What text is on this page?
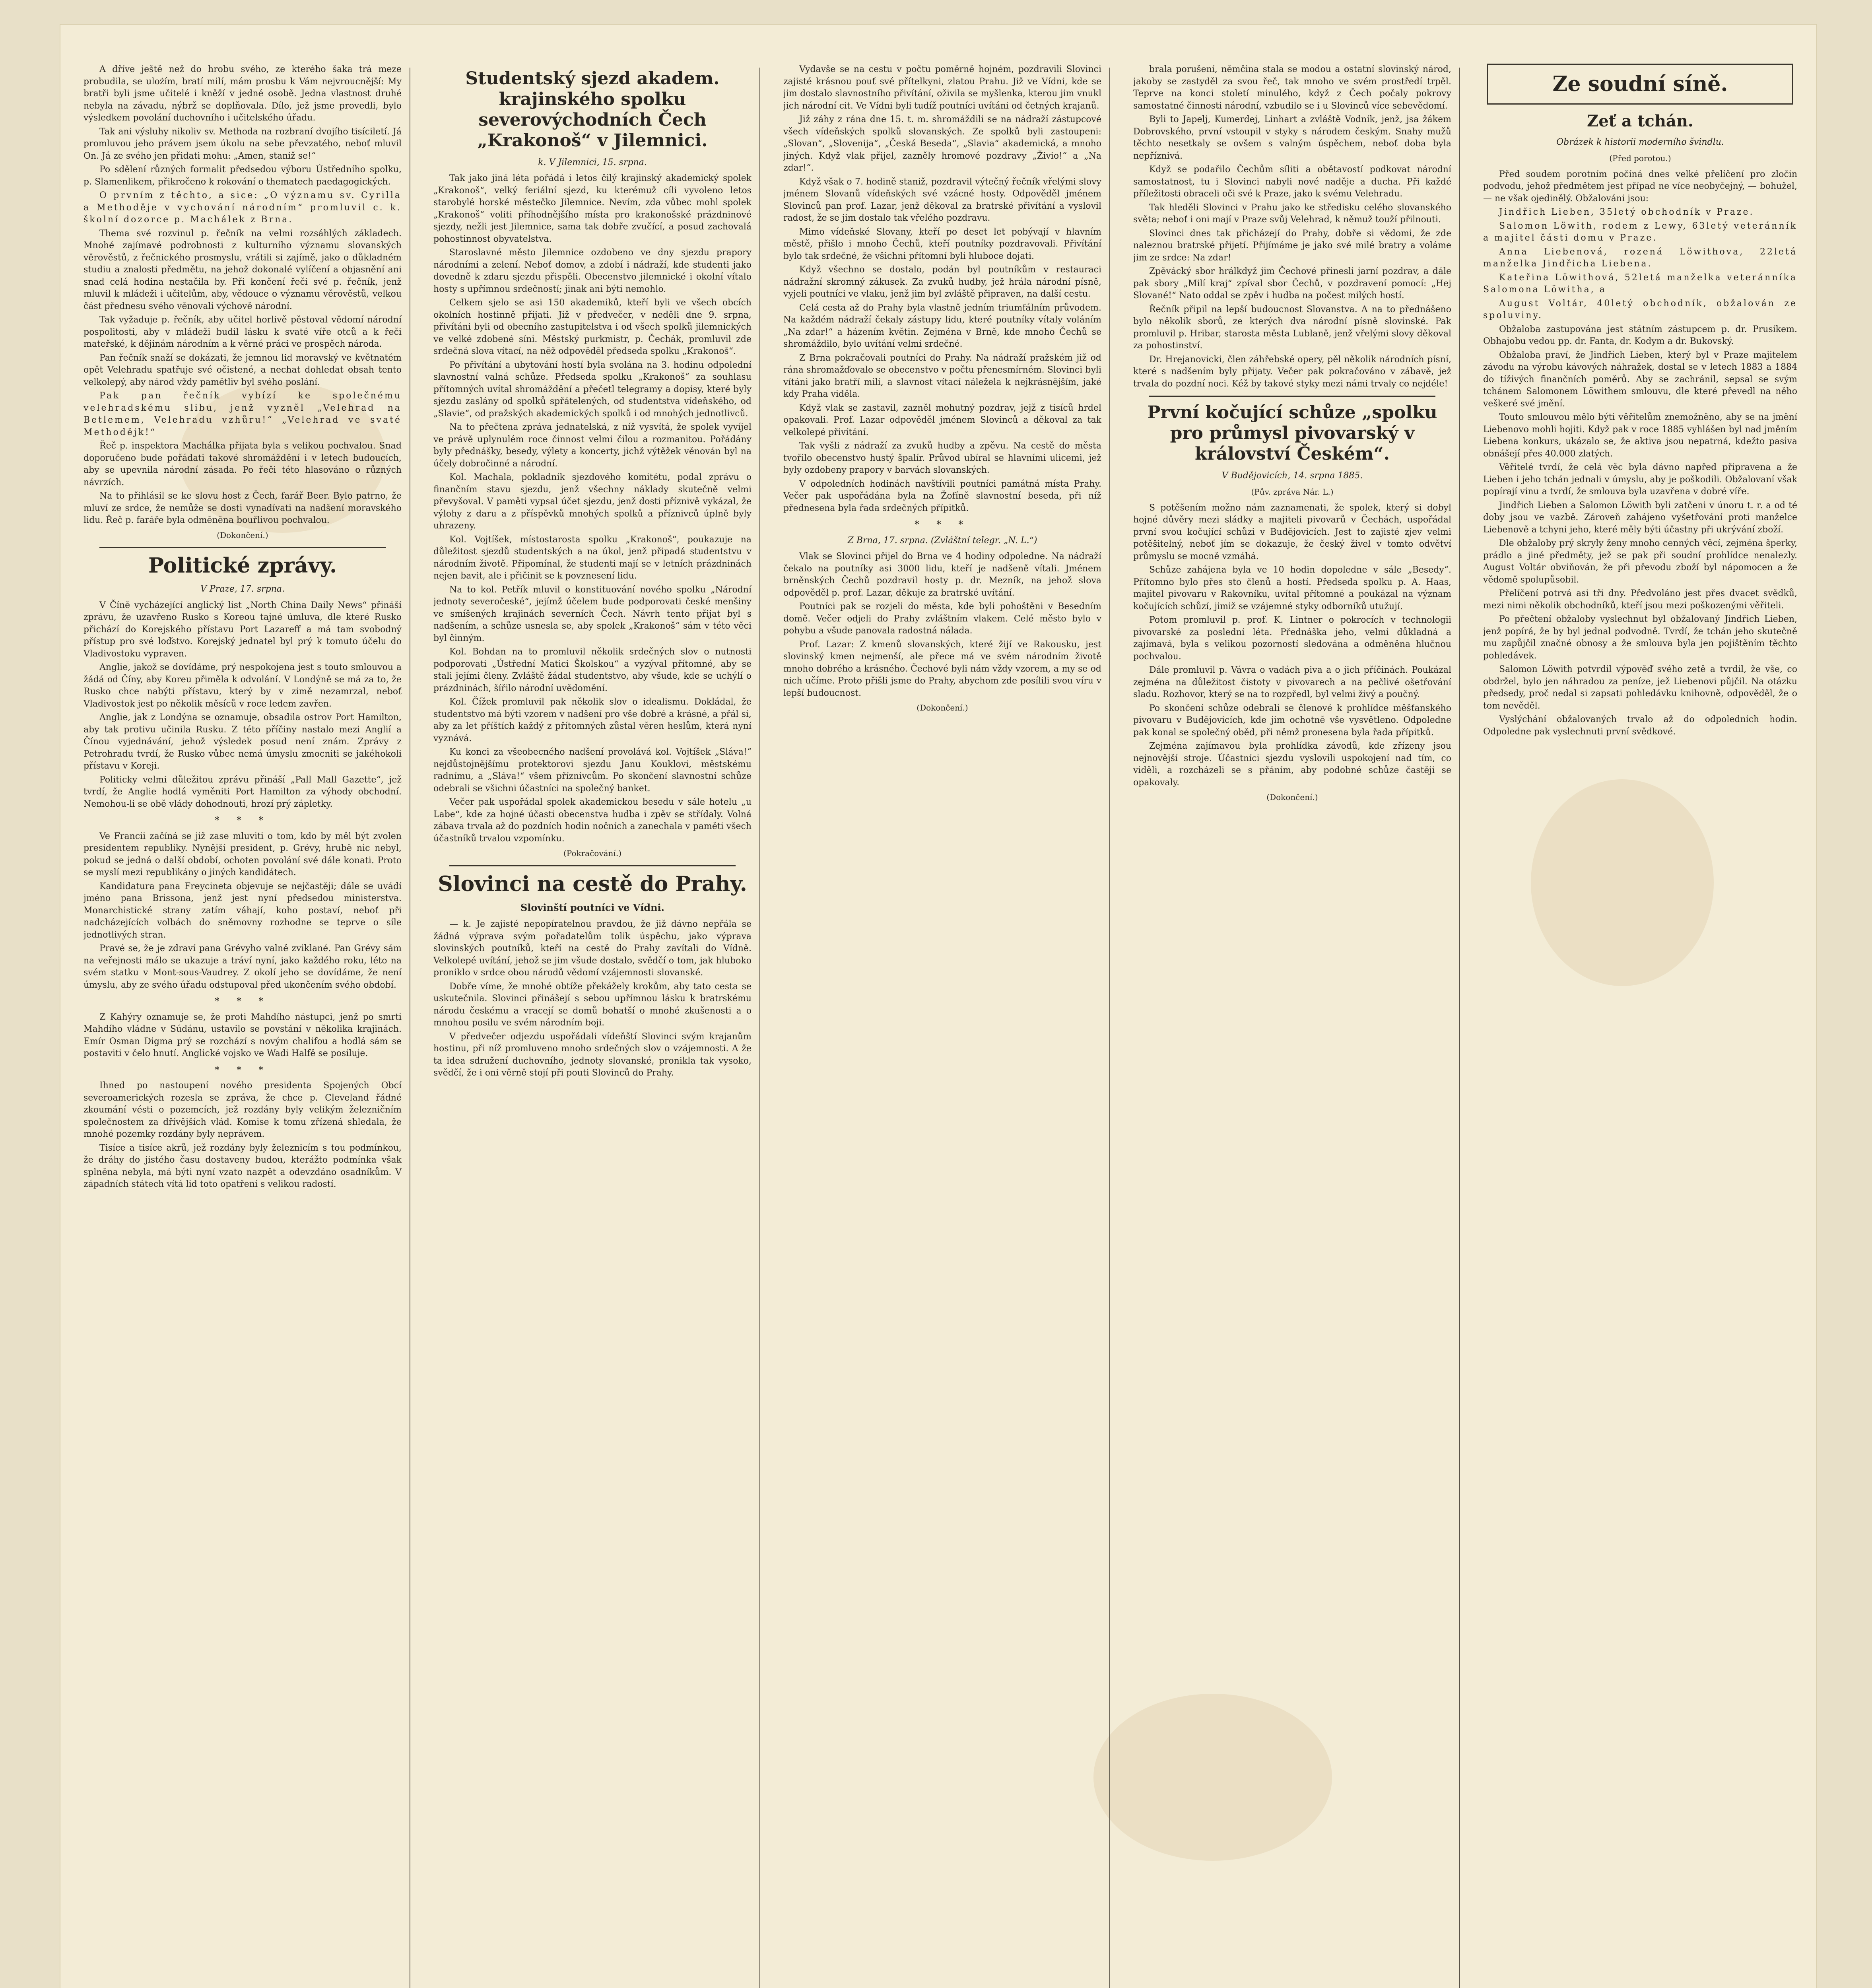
A dříve ještě než do hrobu svého, ze kterého šaka trá meze probudila, se ulożím, bratí milí, mám prosbu k Vám nejvroucnější: My bratři byli jsme učitelé i kněží v jedné osobě. Jedna vlastnost druhé nebyla na závadu, nýbrž se doplňovala. Dílo, jež jsme provedli, bylo výsledkem povolání duchovního i učitelského úřadu.

Tak ani výsluhy nikoliv sv. Methoda na rozbraní dvojího tisíciletí. Já promluvou jeho právem jsem úkolu na sebe převzatého, neboť mluvil On. Já ze svého jen přidati mohu: „Amen, staniž se!“

Po sdělení různých formalit předsedou výboru Ústředního spolku, p. Slamenlikem, přikročeno k rokování o thematech paedagogických.

O prvním z těchto, a sice: „O významu sv. Cyrilla a Methoděje v vychování národním“ promluvil c. k. školní dozorce p. Machálek z Brna.

Thema své rozvinul p. řečník na velmi rozsáhlých základech. Mnohé zajímavé podrobnosti z kulturního významu slovanských věrověstů, z řečnického prosmyslu, vrátili si zajímě, jako o důkladném studiu a znalosti předmětu, na jehož dokonalé vylíčení a objasnění ani snad celá hodina nestačila by. Při končení řeči své p. řečník, jenž mluvil k mládeži i učitelům, aby, vědouce o významu věrověstů, velkou část přednesu svého věnovali výchově národní.

Tak vyžaduje p. řečník, aby učitel horlivě pěstoval vědomí národní pospolitosti, aby v mládeži budil lásku k svaté víře otců a k řeči mateřské, k dějinám národním a k věrné práci ve prospěch národa.

Pan řečník snaží se dokázati, že jemnou lid moravský ve květnatém opět Velehradu spatřuje své očistené, a nechat dohledat obsah tento velkolepý, aby národ vždy pamětliv byl svého poslání.

Pak pan řečník vybízí ke společnému velehradskému slibu, jenž vyzněl „Velehrad na Betlemem, Velehradu vzhůru!“ „Velehrad ve svaté Methodějk!“

Řeč p. inspektora Machálka přijata byla s velikou pochvalou. Snad doporučeno bude pořádati takové shromáždění i v letech budoucích, aby se upevnila národní zásada. Po řeči této hlasováno o různých návrzích.

Na to přihlásil se ke slovu host z Čech, farář Beer. Bylo patrno, že mluví ze srdce, že nemůže se dosti vynadívati na nadšení moravského lidu. Řeč p. faráře byla odměněna bouřlivou pochvalou.

(Dokončení.)
Politické zprávy.
V Praze, 17. srpna.

V Číně vycházející anglický list „North China Daily News“ přináší zprávu, že uzavřeno Rusko s Koreou tajné úmluva, dle které Rusko přichází do Korejského přístavu Port Lazareff a má tam svobodný přístup pro své loďstvo. Korejský jednatel byl prý k tomuto účelu do Vladivostoku vypraven.

Anglie, jakož se dovídáme, prý nespokojena jest s touto smlouvou a žádá od Číny, aby Koreu přiměla k odvolání. V Londýně se má za to, že Rusko chce nabýti přístavu, který by v zimě nezamrzal, neboť Vladivostok jest po několik měsíců v roce ledem zavřen.

Anglie, jak z Londýna se oznamuje, obsadila ostrov Port Hamilton, aby tak protivu učinila Rusku. Z této příčiny nastalo mezi Anglií a Čínou vyjednávání, jehož výsledek posud není znám. Zprávy z Petrohradu tvrdí, že Rusko vůbec nemá úmyslu zmocniti se jakéhokoli přístavu v Koreji.

Politicky velmi důležitou zprávu přináší „Pall Mall Gazette“, jež tvrdí, že Anglie hodlá vyměniti Port Hamilton za výhody obchodní. Nemohou-li se obě vlády dohodnouti, hrozí prý zápletky.

* * *

Ve Francii začíná se již zase mluviti o tom, kdo by měl být zvolen presidentem republiky. Nynější president, p. Grévy, hrubě nic nebyl, pokud se jedná o další období, ochoten povolání své dále konati. Proto se myslí mezi republikány o jiných kandidátech.

Kandidatura pana Freycineta objevuje se nejčastěji; dále se uvádí jméno pana Brissona, jenž jest nyní předsedou ministerstva. Monarchistické strany zatím váhají, koho postaví, neboť při nadcházejících volbách do sněmovny rozhodne se teprve o síle jednotlivých stran.

Pravé se, že je zdraví pana Grévyho valně zviklané. Pan Grévy sám na veřejnosti málo se ukazuje a tráví nyní, jako každého roku, léto na svém statku v Mont-sous-Vaudrey. Z okolí jeho se dovídáme, že není úmyslu, aby ze svého úřadu odstupoval před ukončením svého období.

* * *

Z Kahýry oznamuje se, že proti Mahdího nástupci, jenž po smrti Mahdího vládne v Súdánu, ustavilo se povstání v několika krajinách. Emír Osman Digma prý se rozchází s novým chalifou a hodlá sám se postaviti v čelo hnutí. Anglické vojsko ve Wadi Halfě se posiluje.

* * *

Ihned po nastoupení nového presidenta Spojených Obcí severoamerických rozesla se zpráva, že chce p. Cleveland řádné zkoumání vésti o pozemcích, jež rozdány byly velikým železničním společnostem za dřívějších vlád. Komise k tomu zřízená shledala, že mnohé pozemky rozdány byly neprávem.

Tisíce a tisíce akrů, jež rozdány byly železnicím s tou podmínkou, že dráhy do jistého času dostaveny budou, kterážto podmínka však splněna nebyla, má býti nyní vzato nazpět a odevzdáno osadníkům. V západních státech vítá lid toto opatření s velikou radostí.

Studentský sjezd akadem. krajinského spolku severovýchodních Čech „Krakonoš“ v Jilemnici.
k. V Jilemnici, 15. srpna.

Tak jako jiná léta pořádá i letos čilý krajinský akademický spolek „Krakonoš“, velký feriální sjezd, ku kterémuž cíli vyvoleno letos starobylé horské městečko Jilemnice. Nevím, zda vůbec mohl spolek „Krakonoš“ voliti příhodnějšího místa pro krakonošské prázdninové sjezdy, nežli jest Jilemnice, sama tak dobře zvučící, a posud zachovalá pohostinnost obyvatelstva.

Staroslavné město Jilemnice ozdobeno ve dny sjezdu prapory národními a zelení. Neboť domov, a zdobí i nádraží, kde studenti jako dovedně k zdaru sjezdu přispěli. Obecenstvo jilemnické i okolní vítalo hosty s upřímnou srdečností; jinak ani býti nemohlo.

Celkem sjelo se asi 150 akademiků, kteří byli ve všech obcích okolních hostinně přijati. Již v předvečer, v neděli dne 9. srpna, přivítáni byli od obecního zastupitelstva i od všech spolků jilemnických ve velké zdobené síni. Městský purkmistr, p. Čechák, promluvil zde srdečná slova vítací, na něž odpověděl předseda spolku „Krakonoš“.

Po přivítání a ubytování hostí byla svolána na 3. hodinu odpolední slavnostní valná schůze. Předseda spolku „Krakonoš“ za souhlasu přítomných uvítal shromáždění a přečetl telegramy a dopisy, které byly sjezdu zaslány od spolků spřátelených, od studentstva vídeňského, od „Slavie“, od pražských akademických spolků i od mnohých jednotlivců.

Na to přečtena zpráva jednatelská, z níž vysvítá, že spolek vyvíjel ve právě uplynulém roce činnost velmi čilou a rozmanitou. Pořádány byly přednášky, besedy, výlety a koncerty, jichž výtěžek věnován byl na účely dobročinné a národní.

Kol. Machala, pokladník sjezdového komitétu, podal zprávu o finančním stavu sjezdu, jenž všechny náklady skutečně velmi převyšoval. V paměti vypsal účet sjezdu, jenž dosti příznivě vykázal, že výlohy z daru a z příspěvků mnohých spolků a příznivců úplně byly uhrazeny.

Kol. Vojtíšek, místostarosta spolku „Krakonoš“, poukazuje na důležitost sjezdů studentských a na úkol, jenž připadá studentstvu v národním životě. Připomínal, že studenti mají se v letních prázdninách nejen bavit, ale i přičinit se k povznesení lidu.

Na to kol. Petřík mluvil o konstituování nového spolku „Národní jednoty severočeské“, jejímž účelem bude podporovati české menšiny ve smíšených krajinách severních Čech. Návrh tento přijat byl s nadšením, a schůze usnesla se, aby spolek „Krakonoš“ sám v této věci byl činným.

Kol. Bohdan na to promluvil několik srdečných slov o nutnosti podporovati „Ústřední Matici Školskou“ a vyzýval přítomné, aby se stali jejími členy. Zvláště žádal studentstvo, aby všude, kde se uchýlí o prázdninách, šířilo národní uvědomění.

Kol. Čížek promluvil pak několik slov o idealismu. Dokládal, že studentstvo má býti vzorem v nadšení pro vše dobré a krásné, a přál si, aby za let příštích každý z přítomných zůstal věren heslům, která nyní vyznává.

Ku konci za všeobecného nadšení provolává kol. Vojtíšek „Sláva!“ nejdůstojnějšímu protektorovi sjezdu Janu Kouklovi, městskému radnímu, a „Sláva!“ všem příznivcům. Po skončení slavnostní schůze odebrali se všichni účastníci na společný banket.

Večer pak uspořádal spolek akademickou besedu v sále hotelu „u Labe“, kde za hojné účasti obecenstva hudba i zpěv se střídaly. Volná zábava trvala až do pozdních hodin nočních a zanechala v paměti všech účastníků trvalou vzpomínku.

(Pokračování.)
Slovinci na cestě do Prahy.
Slovinští poutníci ve Vídni.

— k. Je zajisté nepopíratelnou pravdou, že již dávno nepřála se žádná výprava svým pořadatelům tolik úspěchu, jako výprava slovinských poutníků, kteří na cestě do Prahy zavítali do Vídně. Velkolepé uvítání, jehož se jim všude dostalo, svědčí o tom, jak hluboko proniklo v srdce obou národů vědomí vzájemnosti slovanské.

Dobře víme, že mnohé obtíže překážely krokům, aby tato cesta se uskutečnila. Slovinci přinášejí s sebou upřímnou lásku k bratrskému národu českému a vracejí se domů bohatší o mnohé zkušenosti a o mnohou posilu ve svém národním boji.

V předvečer odjezdu uspořádali vídeňští Slovinci svým krajanům hostinu, při níž promluveno mnoho srdečných slov o vzájemnosti. A že ta idea sdružení duchovního, jednoty slovanské, pronikla tak vysoko, svědčí, že i oni věrně stojí při pouti Slovinců do Prahy.

Vydavše se na cestu v počtu poměrně hojném, pozdravili Slovinci zajisté krásnou pouť své přítelkyni, zlatou Prahu. Již ve Vídni, kde se jim dostalo slavnostního přivítání, oživila se myšlenka, kterou jim vnukl jich národní cit. Ve Vídni byli tudíž poutníci uvítáni od četných krajanů.

Již záhy z rána dne 15. t. m. shromáždili se na nádraží zástupcové všech vídeňských spolků slovanských. Ze spolků byli zastoupeni: „Slovan“, „Slovenija“, „Česká Beseda“, „Slavia“ akademická, a mnoho jiných. Když vlak přijel, zazněly hromové pozdravy „Živio!“ a „Na zdar!“.

Když však o 7. hodině staniž, pozdravil výtečný řečník vřelými slovy jménem Slovanů vídeňských své vzácné hosty. Odpověděl jménem Slovinců pan prof. Lazar, jenž děkoval za bratrské přivítání a vyslovil radost, že se jim dostalo tak vřelého pozdravu.

Mimo vídeňské Slovany, kteří po deset let pobývají v hlavním městě, přišlo i mnoho Čechů, kteří poutníky pozdravovali. Přivítání bylo tak srdečné, že všichni přítomní byli hluboce dojati.

Když všechno se dostalo, podán byl poutníkům v restauraci nádražní skromný zákusek. Za zvuků hudby, jež hrála národní písně, vyjeli poutníci ve vlaku, jenž jim byl zvláště připraven, na další cestu.

Celá cesta až do Prahy byla vlastně jedním triumfálním průvodem. Na každém nádraží čekaly zástupy lidu, které poutníky vítaly voláním „Na zdar!“ a házením květin. Zejména v Brně, kde mnoho Čechů se shromáždilo, bylo uvítání velmi srdečné.

Z Brna pokračovali poutníci do Prahy. Na nádraží pražském již od rána shromažďovalo se obecenstvo v počtu přenesmírném. Slovinci byli vítáni jako bratří milí, a slavnost vítací náležela k nejkrásnějším, jaké kdy Praha viděla.

Když vlak se zastavil, zazněl mohutný pozdrav, jejž z tisíců hrdel opakovali. Prof. Lazar odpověděl jménem Slovinců a děkoval za tak velkolepé přivítání.

Tak vyšli z nádraží za zvuků hudby a zpěvu. Na cestě do města tvořilo obecenstvo hustý špalír. Průvod ubíral se hlavními ulicemi, jež byly ozdobeny prapory v barvách slovanských.

V odpoledních hodinách navštívili poutníci památná místa Prahy. Večer pak uspořádána byla na Žofíně slavnostní beseda, při níž přednesena byla řada srdečných přípitků.

* * *
Z Brna, 17. srpna. (Zvláštní telegr. „N. L.“)

Vlak se Slovinci přijel do Brna ve 4 hodiny odpoledne. Na nádraží čekalo na poutníky asi 3000 lidu, kteří je nadšeně vítali. Jménem brněnských Čechů pozdravil hosty p. dr. Mezník, na jehož slova odpověděl p. prof. Lazar, děkuje za bratrské uvítání.

Poutníci pak se rozjeli do města, kde byli pohoštěni v Besedním domě. Večer odjeli do Prahy zvláštním vlakem. Celé město bylo v pohybu a všude panovala radostná nálada.

Prof. Lazar: Z kmenů slovanských, které žijí ve Rakousku, jest slovinský kmen nejmenší, ale přece má ve svém národním životě mnoho dobrého a krásného. Čechové byli nám vždy vzorem, a my se od nich učíme. Proto přišli jsme do Prahy, abychom zde posílili svou víru v lepší budoucnost.

(Dokončení.)

brala porušení, němčina stala se modou a ostatní slovinský národ, jakoby se zastyděl za svou řeč, tak mnoho ve svém prostředí trpěl. Teprve na konci století minulého, když z Čech počaly pokrovy samostatné činnosti národní, vzbudilo se i u Slovinců více sebevědomí.

Byli to Japelj, Kumerdej, Linhart a zvláště Vodník, jenž, jsa žákem Dobrovského, první vstoupil v styky s národem českým. Snahy mužů těchto nesetkaly se ovšem s valným úspěchem, neboť doba byla nepříznivá.

Když se podařilo Čechům síliti a obětavostí podkovat národní samostatnost, tu i Slovinci nabyli nové naděje a ducha. Při každé příležitosti obraceli oči své k Praze, jako k svému Velehradu.

Tak hleděli Slovinci v Prahu jako ke středisku celého slovanského světa; neboť i oni mají v Praze svůj Velehrad, k němuž touží přilnouti.

Slovinci dnes tak přicházejí do Prahy, dobře si vědomi, že zde naleznou bratrské přijetí. Přijímáme je jako své milé bratry a voláme jim ze srdce: Na zdar!

Zpěvácký sbor hrálkdyž jim Čechové přinesli jarní pozdrav, a dále pak sbory „Milí kraj“ zpíval sbor Čechů, v pozdravení pomocí: „Hej Slované!“ Nato oddal se zpěv i hudba na počest milých hostí.

Řečník připil na lepší budoucnost Slovanstva. A na to přednášeno bylo několik sborů, ze kterých dva národní písně slovinské. Pak promluvil p. Hribar, starosta města Lublaně, jenž vřelými slovy děkoval za pohostinství.

Dr. Hrejanovicki, člen záhřebské opery, pěl několik národních písní, které s nadšením byly přijaty. Večer pak pokračováno v zábavě, jež trvala do pozdní noci. Kéž by takové styky mezi námi trvaly co nejdéle!

První kočující schůze „spolku pro průmysl pivovarský v království Českém“.
V Budějovicích, 14. srpna 1885.
(Pův. zpráva Nár. L.)

S potěšením možno nám zaznamenati, že spolek, který si dobyl hojné důvěry mezi sládky a majiteli pivovarů v Čechách, uspořádal první svou kočující schůzi v Budějovicích. Jest to zajisté zjev velmi potěšitelný, neboť jím se dokazuje, že český živel v tomto odvětví průmyslu se mocně vzmáhá.

Schůze zahájena byla ve 10 hodin dopoledne v sále „Besedy“. Přítomno bylo přes sto členů a hostí. Předseda spolku p. A. Haas, majitel pivovaru v Rakovníku, uvítal přítomné a poukázal na význam kočujících schůzí, jimiž se vzájemné styky odborníků utužují.

Potom promluvil p. prof. K. Lintner o pokrocích v technologii pivovarské za poslední léta. Přednáška jeho, velmi důkladná a zajímavá, byla s velikou pozorností sledována a odměněna hlučnou pochvalou.

Dále promluvil p. Vávra o vadách piva a o jich příčinách. Poukázal zejména na důležitost čistoty v pivovarech a na pečlivé ošetřování sladu. Rozhovor, který se na to rozpředl, byl velmi živý a poučný.

Po skončení schůze odebrali se členové k prohlídce měšťanského pivovaru v Budějovicích, kde jim ochotně vše vysvětleno. Odpoledne pak konal se společný oběd, při němž pronesena byla řada přípitků.

Zejména zajímavou byla prohlídka závodů, kde zřízeny jsou nejnovější stroje. Účastníci sjezdu vyslovili uspokojení nad tím, co viděli, a rozcházeli se s přáním, aby podobné schůze častěji se opakovaly.

(Dokončení.)
Ze soudní síně.
Zeť a tchán.
Obrázek k historii moderního švindlu.
(Před porotou.)

Před soudem porotním počíná dnes velké přelíčení pro zločin podvodu, jehož předmětem jest případ ne více neobyčejný, — bohužel, — ne však ojedinělý. Obžalováni jsou:

Jindřich Lieben, 35letý obchodník v Praze.

Salomon Löwith, rodem z Lewy, 63letý veteránník a majitel části domu v Praze.

Anna Liebenová, rozená Löwithova, 22letá manželka Jindřicha Liebena.

Kateřina Löwithová, 52letá manželka veteránníka Salomona Löwitha, a

August Voltár, 40letý obchodník, obžalován ze spoluviny.

Obžaloba zastupována jest státním zástupcem p. dr. Prusíkem. Obhajobu vedou pp. dr. Fanta, dr. Kodym a dr. Bukovský.

Obžaloba praví, že Jindřich Lieben, který byl v Praze majitelem závodu na výrobu kávových náhražek, dostal se v letech 1883 a 1884 do tíživých finančních poměrů. Aby se zachránil, sepsal se svým tchánem Salomonem Löwithem smlouvu, dle které převedl na něho veškeré své jmění.

Touto smlouvou mělo býti věřitelům znemožněno, aby se na jmění Liebenovo mohli hojiti. Když pak v roce 1885 vyhlášen byl nad jměním Liebena konkurs, ukázalo se, že aktiva jsou nepatrná, kdežto pasiva obnášejí přes 40.000 zlatých.

Věřitelé tvrdí, že celá věc byla dávno napřed připravena a že Lieben i jeho tchán jednali v úmyslu, aby je poškodili. Obžalovaní však popírají vinu a tvrdí, že smlouva byla uzavřena v dobré víře.

Jindřich Lieben a Salomon Löwith byli zatčeni v únoru t. r. a od té doby jsou ve vazbě. Zároveň zahájeno vyšetřování proti manželce Liebenově a tchyni jeho, které měly býti účastny při ukrývání zboží.

Dle obžaloby prý skryly ženy mnoho cenných věcí, zejména šperky, prádlo a jiné předměty, jež se pak při soudní prohlídce nenalezly. August Voltár obviňován, že při převodu zboží byl nápomocen a že vědomě spolupůsobil.

Přelíčení potrvá asi tři dny. Předvoláno jest přes dvacet svědků, mezi nimi několik obchodníků, kteří jsou mezi poškozenými věřiteli.

Po přečtení obžaloby vyslechnut byl obžalovaný Jindřich Lieben, jenž popírá, že by byl jednal podvodně. Tvrdí, že tchán jeho skutečně mu zapůjčil značné obnosy a že smlouva byla jen pojištěním těchto pohledávek.

Salomon Löwith potvrdil výpověď svého zetě a tvrdil, že vše, co obdržel, bylo jen náhradou za peníze, jež Liebenovi půjčil. Na otázku předsedy, proč nedal si zapsati pohledávku knihovně, odpověděl, že o tom nevěděl.

Vyslýchání obžalovaných trvalo až do odpoledních hodin. Odpoledne pak vyslechnuti první svědkové.
